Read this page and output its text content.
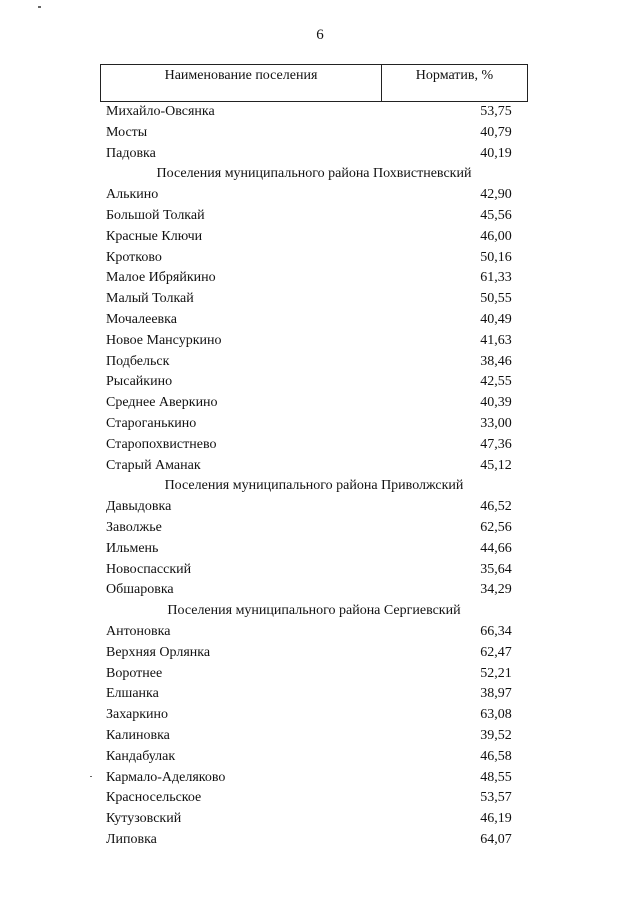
6
Наименование поселения	Норматив, %
Михайло-Овсянка	53,75
Мосты	40,79
Падовка	40,19
Поселения муниципального района Похвистневский
Алькино	42,90
Большой Толкай	45,56
Красные Ключи	46,00
Кротково	50,16
Малое Ибряйкино	61,33
Малый Толкай	50,55
Мочалеевка	40,49
Новое Мансуркино	41,63
Подбельск	38,46
Рысайкино	42,55
Среднее Аверкино	40,39
Староганькино	33,00
Старопохвистнево	47,36
Старый Аманак	45,12
Поселения муниципального района Приволжский
Давыдовка	46,52
Заволжье	62,56
Ильмень	44,66
Новоспасский	35,64
Обшаровка	34,29
Поселения муниципального района Сергиевский
Антоновка	66,34
Верхняя Орлянка	62,47
Воротнее	52,21
Елшанка	38,97
Захаркино	63,08
Калиновка	39,52
Кандабулак	46,58
Кармало-Аделяково	48,55
Красносельское	53,57
Кутузовский	46,19
Липовка	64,07
